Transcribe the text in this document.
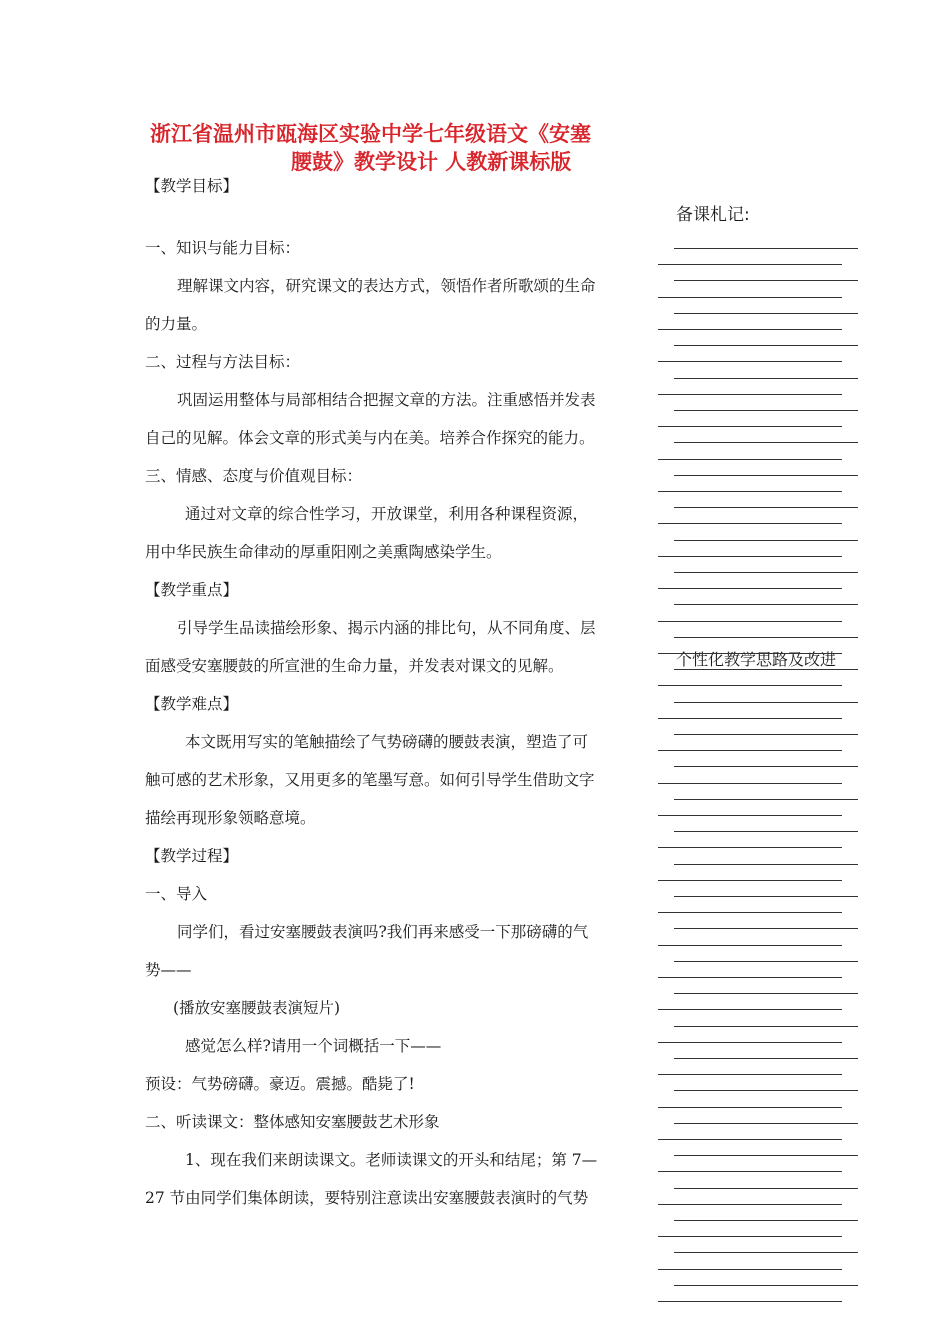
浙江省温州市瓯海区实验中学七年级语文《安塞
腰鼓》教学设计 人教新课标版
【教学目标】
一、知识与能力目标：
理解课文内容，研究课文的表达方式，领悟作者所歌颂的生命
的力量。
二、过程与方法目标：
巩固运用整体与局部相结合把握文章的方法。注重感悟并发表
自己的见解。体会文章的形式美与内在美。培养合作探究的能力。
三、情感、态度与价值观目标：
通过对文章的综合性学习，开放课堂，利用各种课程资源，
用中华民族生命律动的厚重阳刚之美熏陶感染学生。
【教学重点】
引导学生品读描绘形象、揭示内涵的排比句，从不同角度、层
面感受安塞腰鼓的所宣泄的生命力量，并发表对课文的见解。
【教学难点】
本文既用写实的笔触描绘了气势磅礴的腰鼓表演，塑造了可
触可感的艺术形象，又用更多的笔墨写意。如何引导学生借助文字
描绘再现形象领略意境。
【教学过程】
一、导入
同学们，看过安塞腰鼓表演吗?我们再来感受一下那磅礴的气
势——
(播放安塞腰鼓表演短片)
感觉怎么样?请用一个词概括一下——
预设：气势磅礴。豪迈。震撼。酷毙了!
二、听读课文：整体感知安塞腰鼓艺术形象
1、现在我们来朗读课文。老师读课文的开头和结尾；第 7—
27 节由同学们集体朗读，要特别注意读出安塞腰鼓表演时的气势
备课札记:
个性化教学思路及改进
